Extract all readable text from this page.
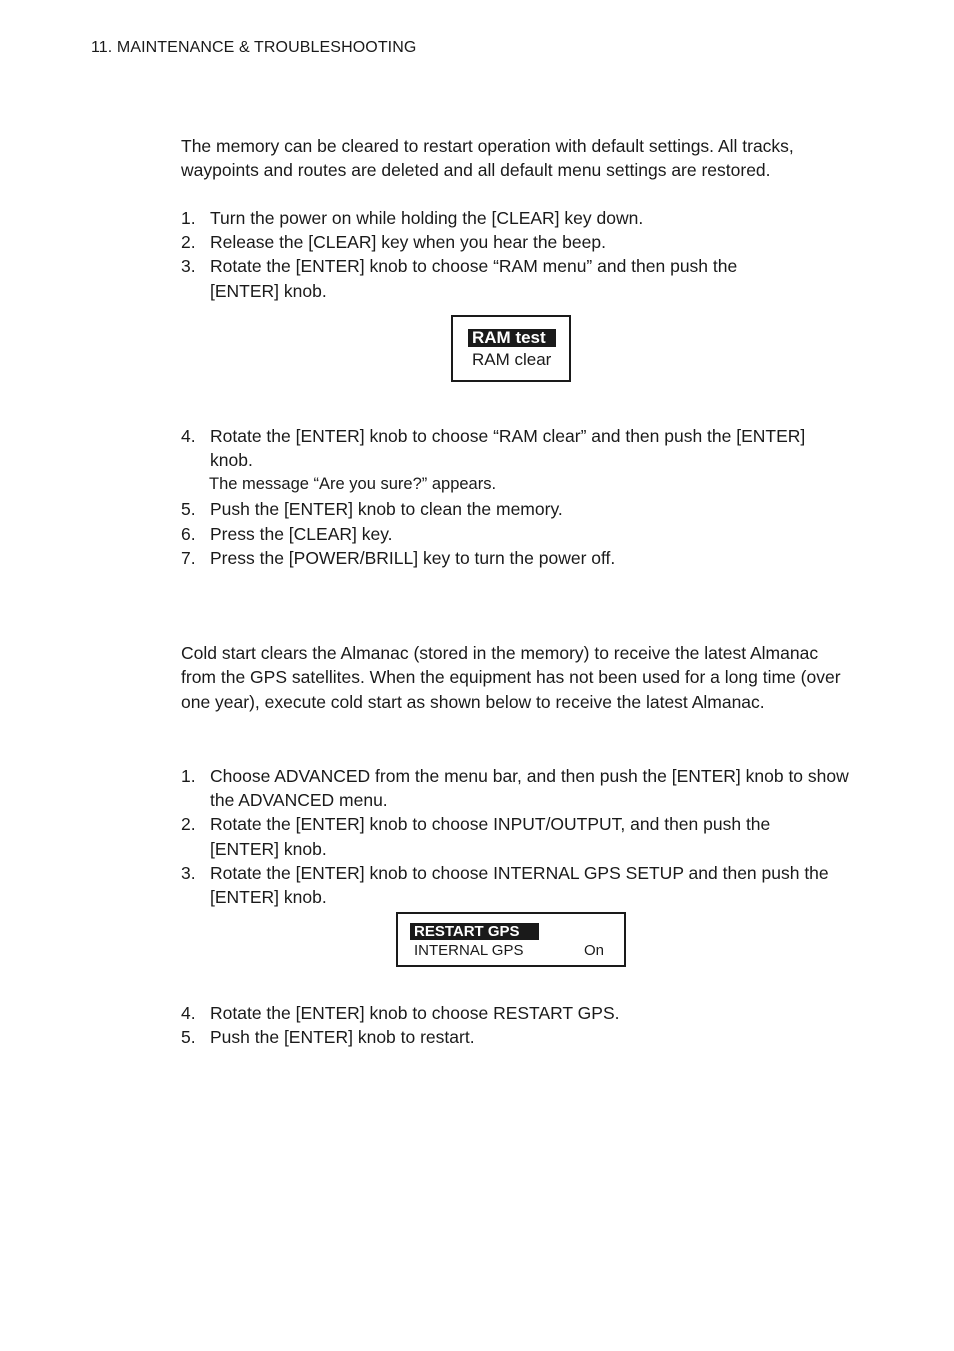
11. MAINTENANCE & TROUBLESHOOTING
The memory can be cleared to restart operation with default settings. All tracks, waypoints and routes are deleted and all default menu settings are restored.
1. Turn the power on while holding the [CLEAR] key down.
2. Release the [CLEAR] key when you hear the beep.
3. Rotate the [ENTER] knob to choose “RAM menu” and then push the [ENTER] knob.
RAM test
RAM clear
4. Rotate the [ENTER] knob to choose “RAM clear” and then push the [ENTER] knob.
The message “Are you sure?” appears.
5. Push the [ENTER] knob to clean the memory.
6. Press the [CLEAR] key.
7. Press the [POWER/BRILL] key to turn the power off.
Cold start clears the Almanac (stored in the memory) to receive the latest Almanac from the GPS satellites. When the equipment has not been used for a long time (over one year), execute cold start as shown below to receive the latest Almanac.
1. Choose ADVANCED from the menu bar, and then push the [ENTER] knob to show the ADVANCED menu.
2. Rotate the [ENTER] knob to choose INPUT/OUTPUT, and then push the [ENTER] knob.
3. Rotate the [ENTER] knob to choose INTERNAL GPS SETUP and then push the [ENTER] knob.
RESTART GPS
INTERNAL GPS	On
4. Rotate the [ENTER] knob to choose RESTART GPS.
5. Push the [ENTER] knob to restart.
